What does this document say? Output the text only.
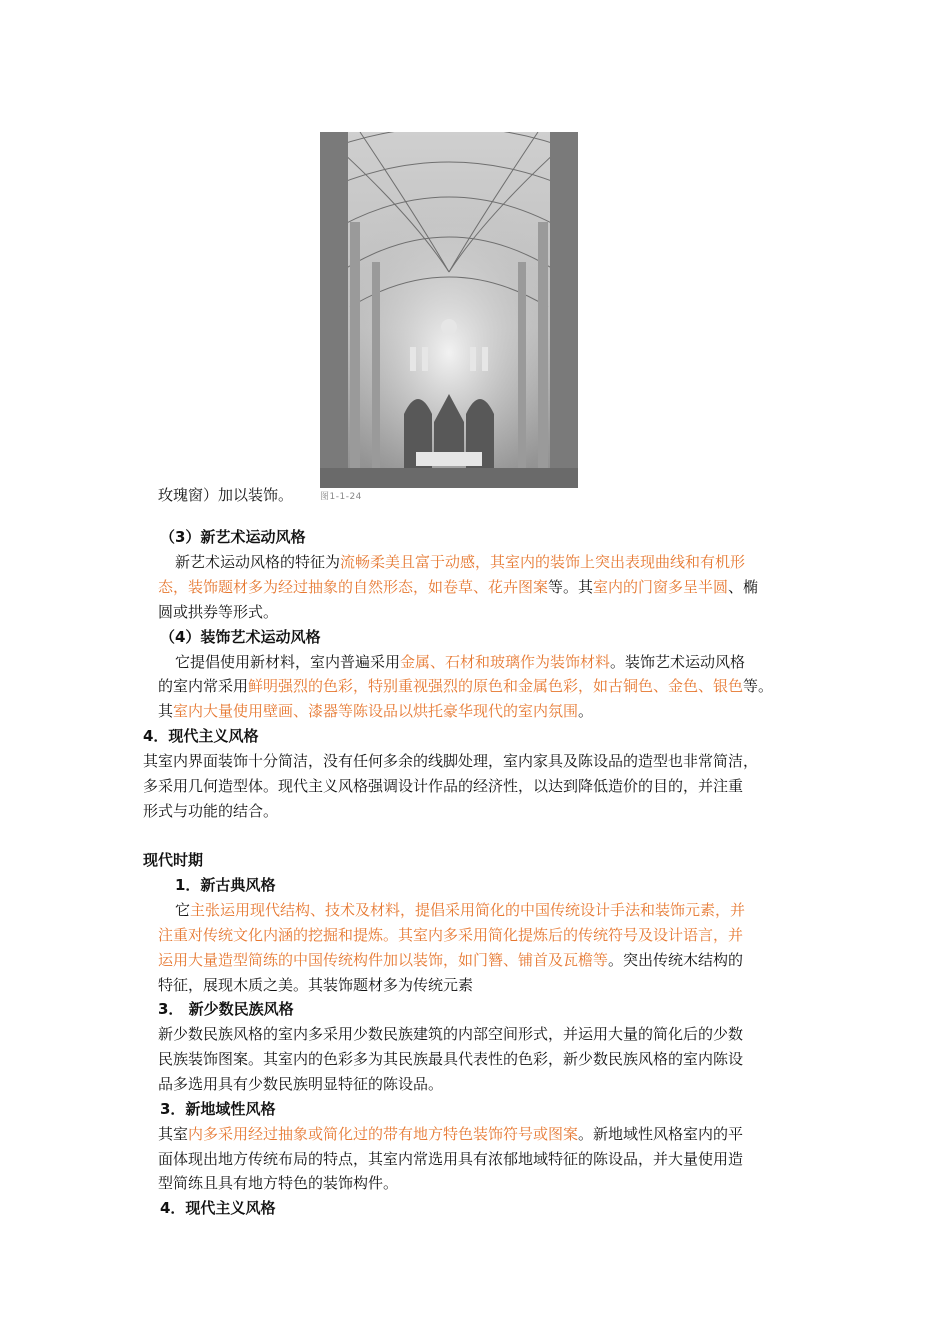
图1-1-24
玫瑰窗）加以装饰。
（3）新艺术运动风格
新艺术运动风格的特征为流畅柔美且富于动感，其室内的装饰上突出表现曲线和有机形
态，装饰题材多为经过抽象的自然形态，如卷草、花卉图案等。其室内的门窗多呈半圆、椭
圆或拱券等形式。
（4）装饰艺术运动风格
它提倡使用新材料，室内普遍采用金属、石材和玻璃作为装饰材料。装饰艺术运动风格
的室内常采用鲜明强烈的色彩，特别重视强烈的原色和金属色彩，如古铜色、金色、银色等。
其室内大量使用壁画、漆器等陈设品以烘托豪华现代的室内氛围。
4．现代主义风格
其室内界面装饰十分简洁，没有任何多余的线脚处理，室内家具及陈设品的造型也非常简洁，
多采用几何造型体。现代主义风格强调设计作品的经济性，以达到降低造价的目的，并注重
形式与功能的结合。
现代时期
1．新古典风格
它主张运用现代结构、技术及材料，提倡采用简化的中国传统设计手法和装饰元素，并
注重对传统文化内涵的挖掘和提炼。其室内多采用简化提炼后的传统符号及设计语言，并
运用大量造型简练的中国传统构件加以装饰，如门簪、铺首及瓦檐等。突出传统木结构的
特征，展现木质之美。其装饰题材多为传统元素
3． 新少数民族风格
新少数民族风格的室内多采用少数民族建筑的内部空间形式，并运用大量的简化后的少数
民族装饰图案。其室内的色彩多为其民族最具代表性的色彩，新少数民族风格的室内陈设
品多选用具有少数民族明显特征的陈设品。
3．新地域性风格
其室内多采用经过抽象或简化过的带有地方特色装饰符号或图案。新地域性风格室内的平
面体现出地方传统布局的特点，其室内常选用具有浓郁地域特征的陈设品，并大量使用造
型简练且具有地方特色的装饰构件。
4．现代主义风格
